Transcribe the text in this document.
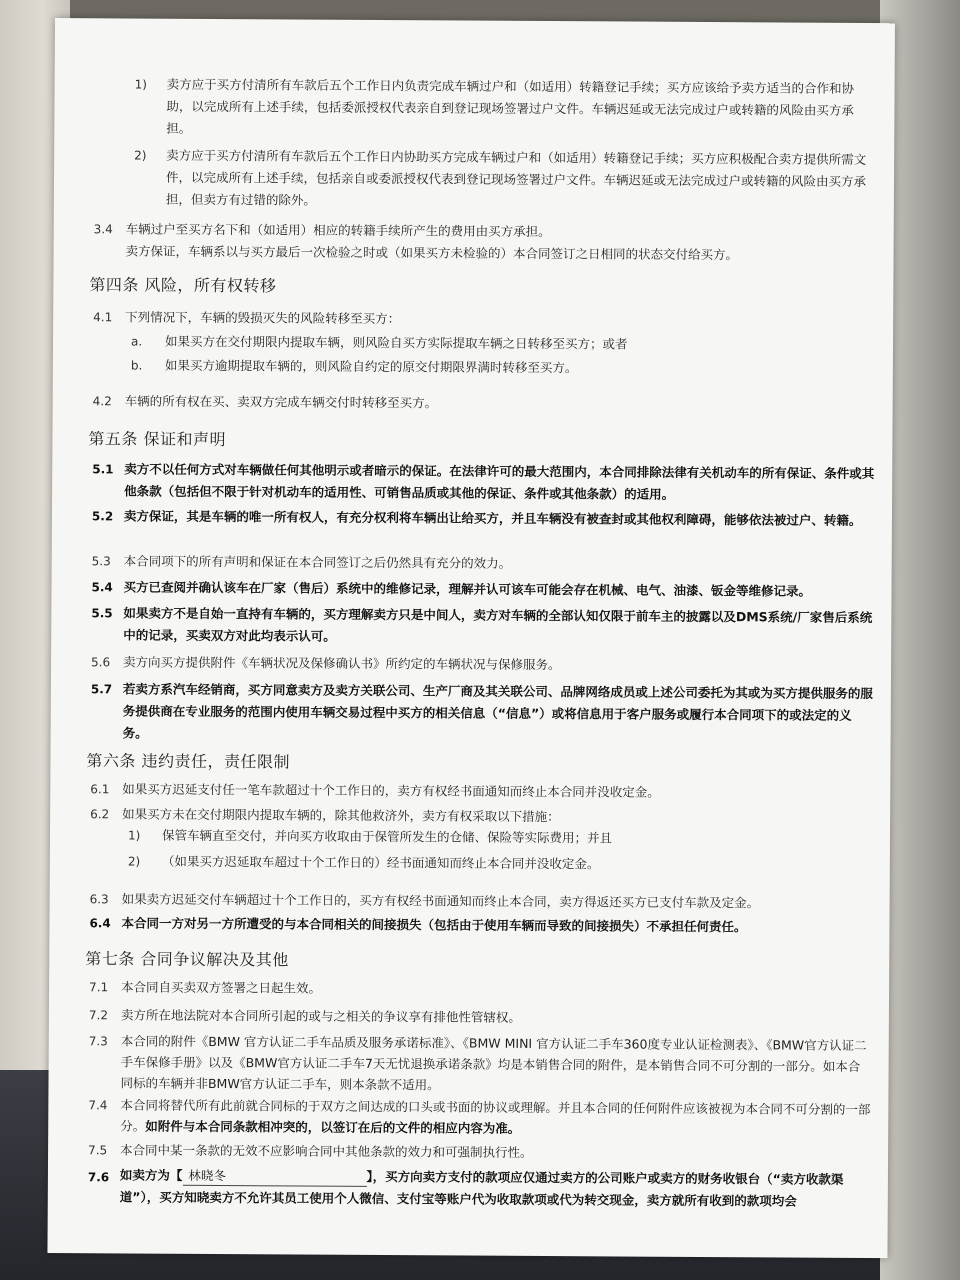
1) 卖方应于买方付清所有车款后五个工作日内负责完成车辆过户和（如适用）转籍登记手续；买方应该给予卖方适当的合作和协助，以完成所有上述手续，包括委派授权代表亲自到登记现场签署过户文件。车辆迟延或无法完成过户或转籍的风险由买方承担。
2) 卖方应于买方付清所有车款后五个工作日内协助买方完成车辆过户和（如适用）转籍登记手续；买方应积极配合卖方提供所需文件，以完成所有上述手续，包括亲自或委派授权代表到登记现场签署过户文件。车辆迟延或无法完成过户或转籍的风险由买方承担，但卖方有过错的除外。
3.4 车辆过户至买方名下和（如适用）相应的转籍手续所产生的费用由买方承担。
卖方保证，车辆系以与买方最后一次检验之时或（如果买方未检验的）本合同签订之日相同的状态交付给买方。
第四条 风险，所有权转移
4.1 下列情况下，车辆的毁损灭失的风险转移至买方：
a. 如果买方在交付期限内提取车辆，则风险自买方实际提取车辆之日转移至买方；或者
b. 如果买方逾期提取车辆的，则风险自约定的原交付期限界满时转移至买方。
4.2 车辆的所有权在买、卖双方完成车辆交付时转移至买方。
第五条 保证和声明
5.1 卖方不以任何方式对车辆做任何其他明示或者暗示的保证。在法律许可的最大范围内，本合同排除法律有关机动车的所有保证、条件或其他条款（包括但不限于针对机动车的适用性、可销售品质或其他的保证、条件或其他条款）的适用。
5.2 卖方保证，其是车辆的唯一所有权人，有充分权利将车辆出让给买方，并且车辆没有被查封或其他权利障碍，能够依法被过户、转籍。
5.3 本合同项下的所有声明和保证在本合同签订之后仍然具有充分的效力。
5.4 买方已查阅并确认该车在厂家（售后）系统中的维修记录，理解并认可该车可能会存在机械、电气、油漆、钣金等维修记录。
5.5 如果卖方不是自始一直持有车辆的，买方理解卖方只是中间人，卖方对车辆的全部认知仅限于前车主的披露以及DMS系统/厂家售后系统中的记录，买卖双方对此均表示认可。
5.6 卖方向买方提供附件《车辆状况及保修确认书》所约定的车辆状况与保修服务。
5.7 若卖方系汽车经销商，买方同意卖方及卖方关联公司、生产厂商及其关联公司、品牌网络成员或上述公司委托为其或为买方提供服务的服务提供商在专业服务的范围内使用车辆交易过程中买方的相关信息（“信息”）或将信息用于客户服务或履行本合同项下的或法定的义务。
第六条 违约责任，责任限制
6.1 如果买方迟延支付任一笔车款超过十个工作日的，卖方有权经书面通知而终止本合同并没收定金。
6.2 如果买方未在交付期限内提取车辆的，除其他救济外，卖方有权采取以下措施：
1) 保管车辆直至交付，并向买方收取由于保管所发生的仓储、保险等实际费用；并且
2) （如果买方迟延取车超过十个工作日的）经书面通知而终止本合同并没收定金。
6.3 如果卖方迟延交付车辆超过十个工作日的，买方有权经书面通知而终止本合同，卖方得返还买方已支付车款及定金。
6.4 本合同一方对另一方所遭受的与本合同相关的间接损失（包括由于使用车辆而导致的间接损失）不承担任何责任。
第七条 合同争议解决及其他
7.1 本合同自买卖双方签署之日起生效。
7.2 卖方所在地法院对本合同所引起的或与之相关的争议享有排他性管辖权。
7.3 本合同的附件《BMW 官方认证二手车品质及服务承诺标准》、《BMW MINI 官方认证二手车360度专业认证检测表》、《BMW官方认证二手车保修手册》以及《BMW官方认证二手车7天无忧退换承诺条款》均是本销售合同的附件，是本销售合同不可分割的一部分。如本合同标的车辆并非BMW官方认证二手车，则本条款不适用。
7.4 本合同将替代所有此前就合同标的于双方之间达成的口头或书面的协议或理解。并且本合同的任何附件应该被视为本合同不可分割的一部分。如附件与本合同条款相冲突的，以签订在后的文件的相应内容为准。
7.5 本合同中某一条款的无效不应影响合同中其他条款的效力和可强制执行性。
7.6 如卖方为【 林晓冬	】，买方向卖方支付的款项应仅通过卖方的公司账户或卖方的财务收银台（“卖方收款渠道”），买方知晓卖方不允许其员工使用个人微信、支付宝等账户代为收取款项或代为转交现金，卖方就所有收到的款项均会
